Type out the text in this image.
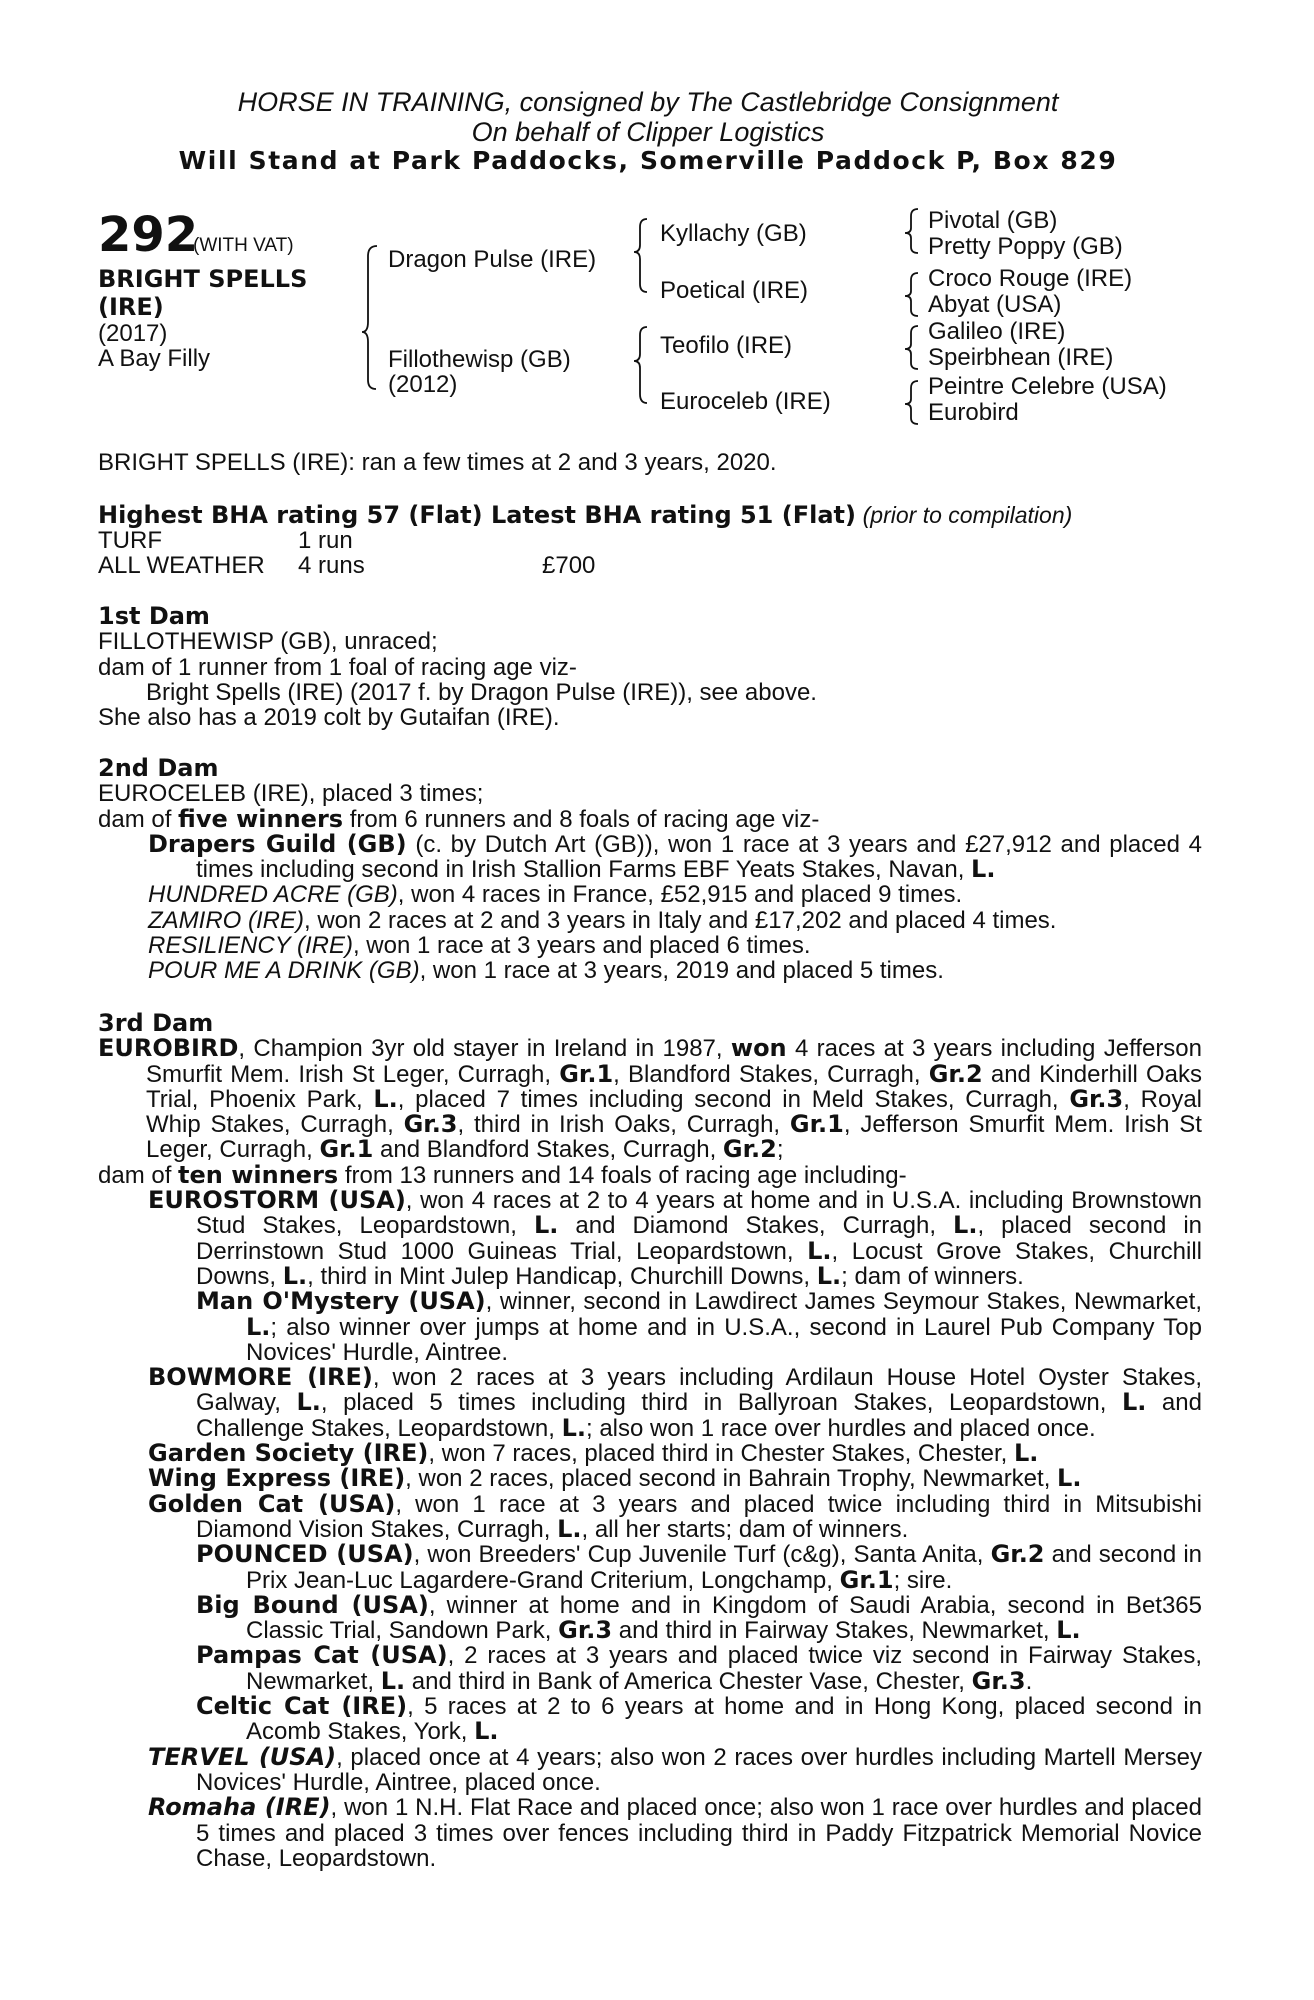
HORSE IN TRAINING, consigned by The Castlebridge Consignment
On behalf of Clipper Logistics
Will Stand at Park Paddocks, Somerville Paddock P, Box 829
292
(WITH VAT)
BRIGHT SPELLS
(IRE)
(2017)
A Bay Filly
Dragon Pulse (IRE)
Fillothewisp (GB)
(2012)
Kyllachy (GB)
Poetical (IRE)
Teofilo (IRE)
Euroceleb (IRE)
Pivotal (GB)
Pretty Poppy (GB)
Croco Rouge (IRE)
Abyat (USA)
Galileo (IRE)
Speirbhean (IRE)
Peintre Celebre (USA)
Eurobird
BRIGHT SPELLS (IRE): ran a few times at 2 and 3 years, 2020.
Highest BHA rating 57 (Flat) Latest BHA rating 51 (Flat) (prior to compilation)
TURF	1 run	
ALL WEATHER	4 runs	£700

1st Dam

FILLOTHEWISP (GB), unraced;

dam of 1 runner from 1 foal of racing age viz-

Bright Spells (IRE) (2017 f. by Dragon Pulse (IRE)), see above.

She also has a 2019 colt by Gutaifan (IRE).

2nd Dam

EUROCELEB (IRE), placed 3 times;

dam of five winners from 6 runners and 8 foals of racing age viz-

Drapers Guild (GB) (c. by Dutch Art (GB)), won 1 race at 3 years and £27,912 and placed 4 times including second in Irish Stallion Farms EBF Yeats Stakes, Navan, L.

HUNDRED ACRE (GB), won 4 races in France, £52,915 and placed 9 times.

ZAMIRO (IRE), won 2 races at 2 and 3 years in Italy and £17,202 and placed 4 times.

RESILIENCY (IRE), won 1 race at 3 years and placed 6 times.

POUR ME A DRINK (GB), won 1 race at 3 years, 2019 and placed 5 times.

3rd Dam

EUROBIRD, Champion 3yr old stayer in Ireland in 1987, won 4 races at 3 years including Jefferson Smurfit Mem. Irish St Leger, Curragh, Gr.1, Blandford Stakes, Curragh, Gr.2 and Kinderhill Oaks Trial, Phoenix Park, L., placed 7 times including second in Meld Stakes, Curragh, Gr.3, Royal Whip Stakes, Curragh, Gr.3, third in Irish Oaks, Curragh, Gr.1, Jefferson Smurfit Mem. Irish St Leger, Curragh, Gr.1 and Blandford Stakes, Curragh, Gr.2;

dam of ten winners from 13 runners and 14 foals of racing age including-

EUROSTORM (USA), won 4 races at 2 to 4 years at home and in U.S.A. including Brownstown Stud Stakes, Leopardstown, L. and Diamond Stakes, Curragh, L., placed second in Derrinstown Stud 1000 Guineas Trial, Leopardstown, L., Locust Grove Stakes, Churchill Downs, L., third in Mint Julep Handicap, Churchill Downs, L.; dam of winners.

Man O'Mystery (USA), winner, second in Lawdirect James Seymour Stakes, Newmarket, L.; also winner over jumps at home and in U.S.A., second in Laurel Pub Company Top Novices' Hurdle, Aintree.

BOWMORE (IRE), won 2 races at 3 years including Ardilaun House Hotel Oyster Stakes, Galway, L., placed 5 times including third in Ballyroan Stakes, Leopardstown, L. and Challenge Stakes, Leopardstown, L.; also won 1 race over hurdles and placed once.

Garden Society (IRE), won 7 races, placed third in Chester Stakes, Chester, L.

Wing Express (IRE), won 2 races, placed second in Bahrain Trophy, Newmarket, L.

Golden Cat (USA), won 1 race at 3 years and placed twice including third in Mitsubishi Diamond Vision Stakes, Curragh, L., all her starts; dam of winners.

POUNCED (USA), won Breeders' Cup Juvenile Turf (c&g), Santa Anita, Gr.2 and second in Prix Jean-Luc Lagardere-Grand Criterium, Longchamp, Gr.1; sire.

Big Bound (USA), winner at home and in Kingdom of Saudi Arabia, second in Bet365 Classic Trial, Sandown Park, Gr.3 and third in Fairway Stakes, Newmarket, L.

Pampas Cat (USA), 2 races at 3 years and placed twice viz second in Fairway Stakes, Newmarket, L. and third in Bank of America Chester Vase, Chester, Gr.3.

Celtic Cat (IRE), 5 races at 2 to 6 years at home and in Hong Kong, placed second in Acomb Stakes, York, L.

TERVEL (USA), placed once at 4 years; also won 2 races over hurdles including Martell Mersey Novices' Hurdle, Aintree, placed once.

Romaha (IRE), won 1 N.H. Flat Race and placed once; also won 1 race over hurdles and placed 5 times and placed 3 times over fences including third in Paddy Fitzpatrick Memorial Novice Chase, Leopardstown.
